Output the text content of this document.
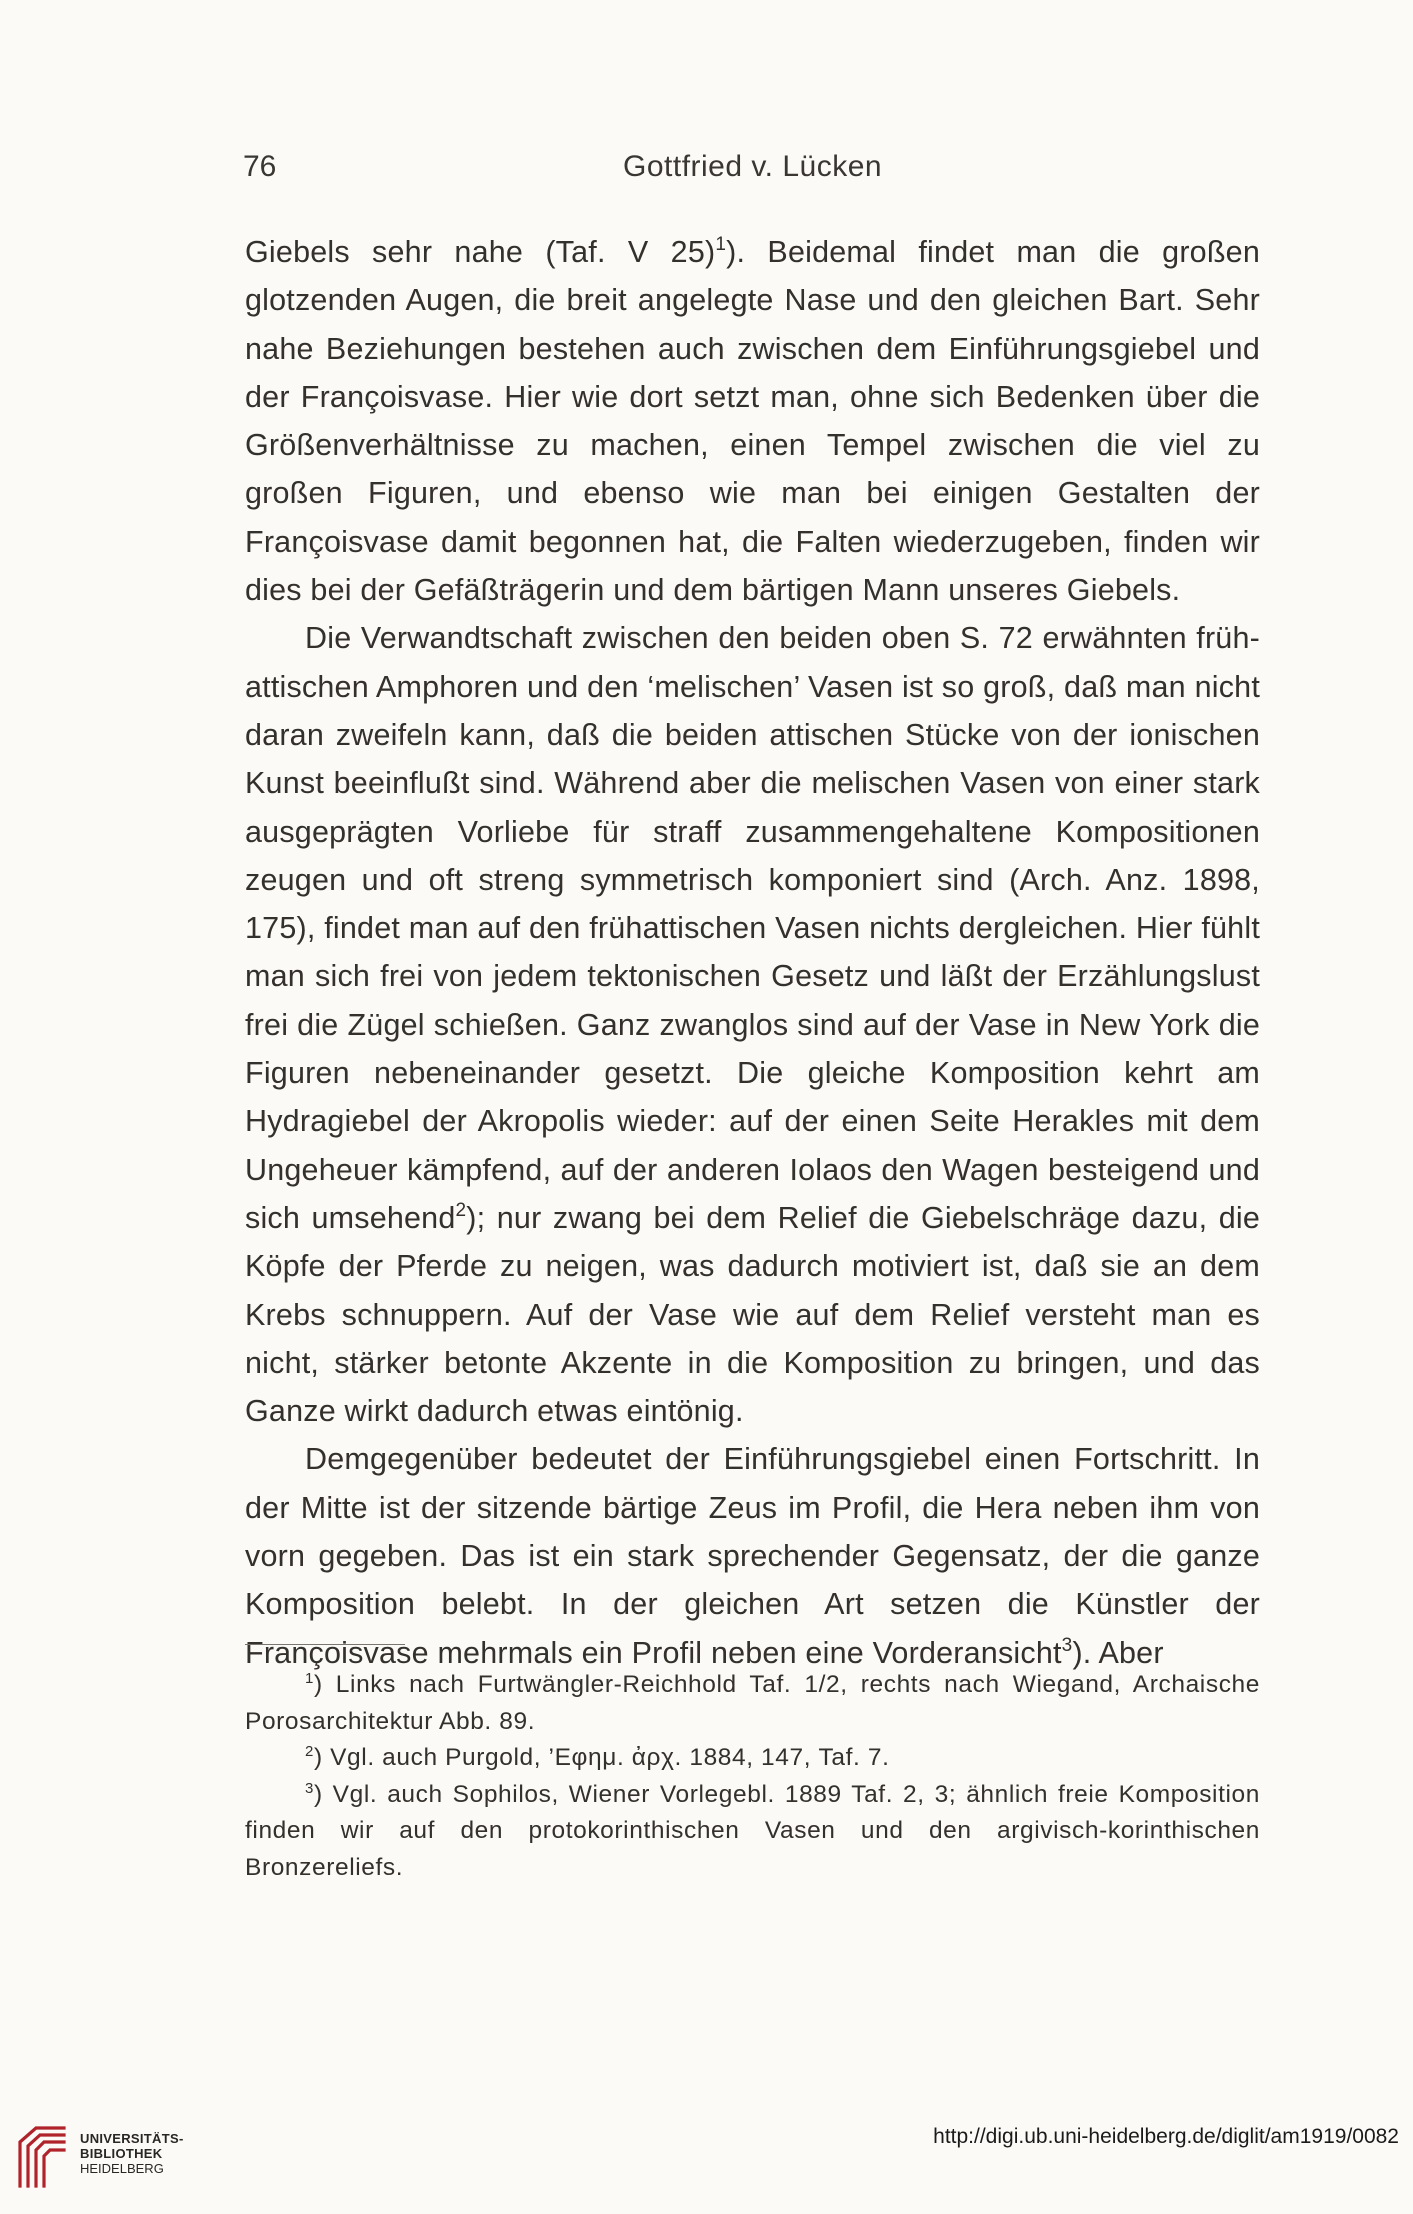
76	Gottfried v. Lücken

Giebels sehr nahe (Taf. V 25)$^1$). Beidemal findet man die großen glotzenden Augen, die breit angelegte Nase und den gleichen Bart. Sehr nahe Beziehungen bestehen auch zwischen dem Einführungsgiebel und der Françoisvase. Hier wie dort setzt man, ohne sich Bedenken über die Größenverhältnisse zu machen, einen Tempel zwischen die viel zu großen Figuren, und ebenso wie man bei einigen Gestalten der Françoisvase damit begonnen hat, die Falten wiederzugeben, finden wir dies bei der Gefäßträgerin und dem bärtigen Mann unseres Giebels.

Die Verwandtschaft zwischen den beiden oben S. 72 erwähnten früh-attischen Amphoren und den ‘melischen’ Vasen ist so groß, daß man nicht daran zweifeln kann, daß die beiden attischen Stücke von der ionischen Kunst beeinflußt sind. Während aber die melischen Vasen von einer stark ausgeprägten Vorliebe für straff zusammengehaltene Kompositionen zeugen und oft streng symmetrisch komponiert sind (Arch. Anz. 1898, 175), findet man auf den frühattischen Vasen nichts dergleichen. Hier fühlt man sich frei von jedem tektonischen Gesetz und läßt der Erzählungslust frei die Zügel schießen. Ganz zwanglos sind auf der Vase in New York die Figuren nebeneinander gesetzt. Die gleiche Komposition kehrt am Hydragiebel der Akropolis wieder: auf der einen Seite Herakles mit dem Ungeheuer kämpfend, auf der anderen Iolaos den Wagen besteigend und sich umsehend$^2$); nur zwang bei dem Relief die Giebelschräge dazu, die Köpfe der Pferde zu neigen, was dadurch motiviert ist, daß sie an dem Krebs schnuppern. Auf der Vase wie auf dem Relief versteht man es nicht, stärker betonte Akzente in die Komposition zu bringen, und das Ganze wirkt dadurch etwas eintönig.

Demgegenüber bedeutet der Einführungsgiebel einen Fortschritt. In der Mitte ist der sitzende bärtige Zeus im Profil, die Hera neben ihm von vorn gegeben. Das ist ein stark sprechender Gegensatz, der die ganze Komposition belebt. In der gleichen Art setzen die Künstler der Françoisvase mehrmals ein Profil neben eine Vorderansicht$^3$). Aber

$^1$) Links nach Furtwängler-Reichhold Taf. 1/2, rechts nach Wiegand, Archaische Porosarchitektur Abb. 89.

$^2$) Vgl. auch Purgold, ’Εφημ. ἀρχ. 1884, 147, Taf. 7.

$^3$) Vgl. auch Sophilos, Wiener Vorlegebl. 1889 Taf. 2, 3; ähnlich freie Komposition finden wir auf den protokorinthischen Vasen und den argivisch-korinthischen Bronzereliefs.

UNIVERSITÄTS-
BIBLIOTHEK
HEIDELBERG
http://digi.ub.uni-heidelberg.de/diglit/am1919/0082
